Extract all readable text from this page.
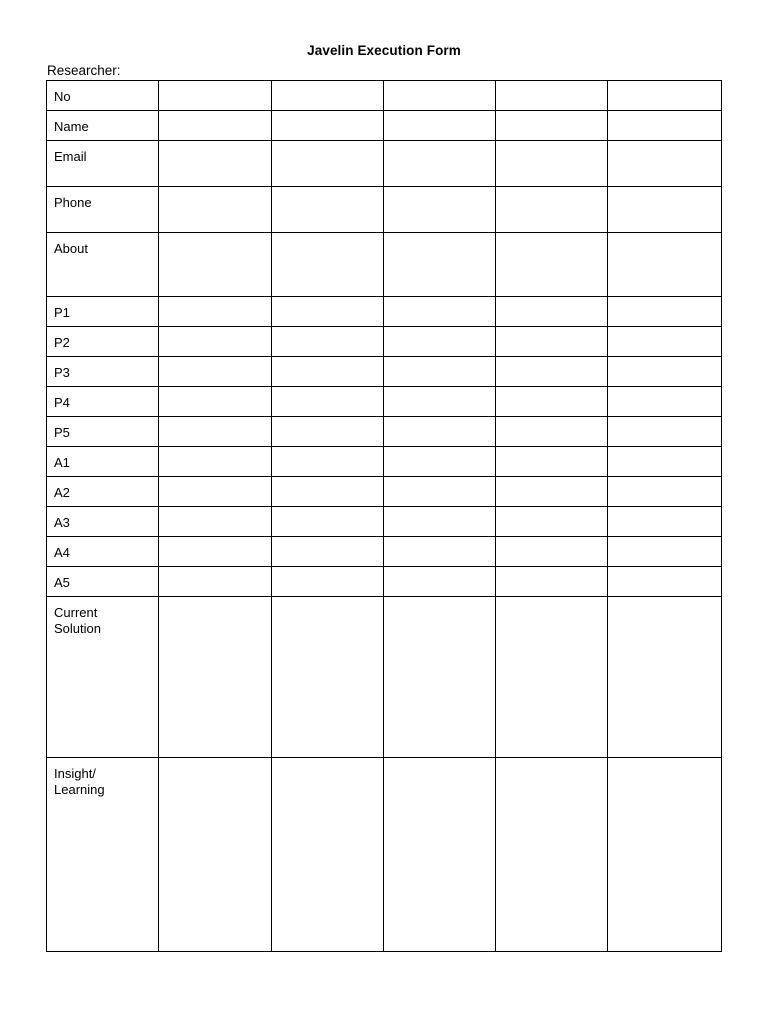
Javelin Execution Form
Researcher:
No					

Name					

Email					

Phone					

About					

P1					

P2					

P3					

P4					

P5					

A1					

A2					

A3					

A4					

A5					

Current
Solution					

Insight/
Learning					
